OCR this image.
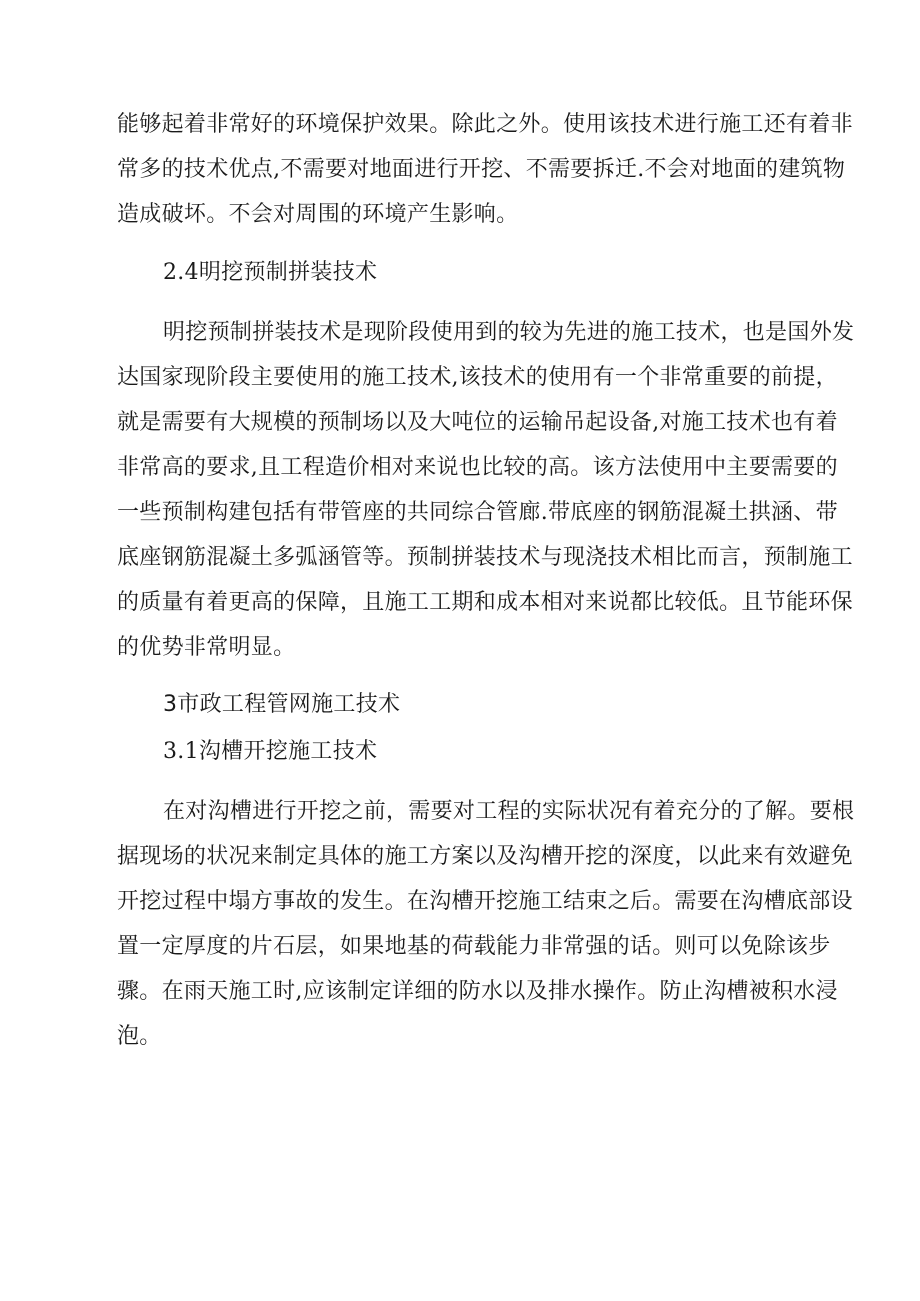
能够起着非常好的环境保护效果。除此之外。使用该技术进行施工还有着非
常多的技术优点,不需要对地面进行开挖、不需要拆迁.不会对地面的建筑物
造成破坏。不会对周围的环境产生影响。
2.4明挖预制拼装技术
明挖预制拼装技术是现阶段使用到的较为先进的施工技术，也是国外发
达国家现阶段主要使用的施工技术,该技术的使用有一个非常重要的前提，
就是需要有大规模的预制场以及大吨位的运输吊起设备,对施工技术也有着
非常高的要求,且工程造价相对来说也比较的高。该方法使用中主要需要的
一些预制构建包括有带管座的共同综合管廊.带底座的钢筋混凝土拱涵、带
底座钢筋混凝土多弧涵管等。预制拼装技术与现浇技术相比而言，预制施工
的质量有着更高的保障，且施工工期和成本相对来说都比较低。且节能环保
的优势非常明显。
3市政工程管网施工技术
3.1沟槽开挖施工技术
在对沟槽进行开挖之前，需要对工程的实际状况有着充分的了解。要根
据现场的状况来制定具体的施工方案以及沟槽开挖的深度，以此来有效避免
开挖过程中塌方事故的发生。在沟槽开挖施工结束之后。需要在沟槽底部设
置一定厚度的片石层，如果地基的荷载能力非常强的话。则可以免除该步
骤。在雨天施工时,应该制定详细的防水以及排水操作。防止沟槽被积水浸
泡。
